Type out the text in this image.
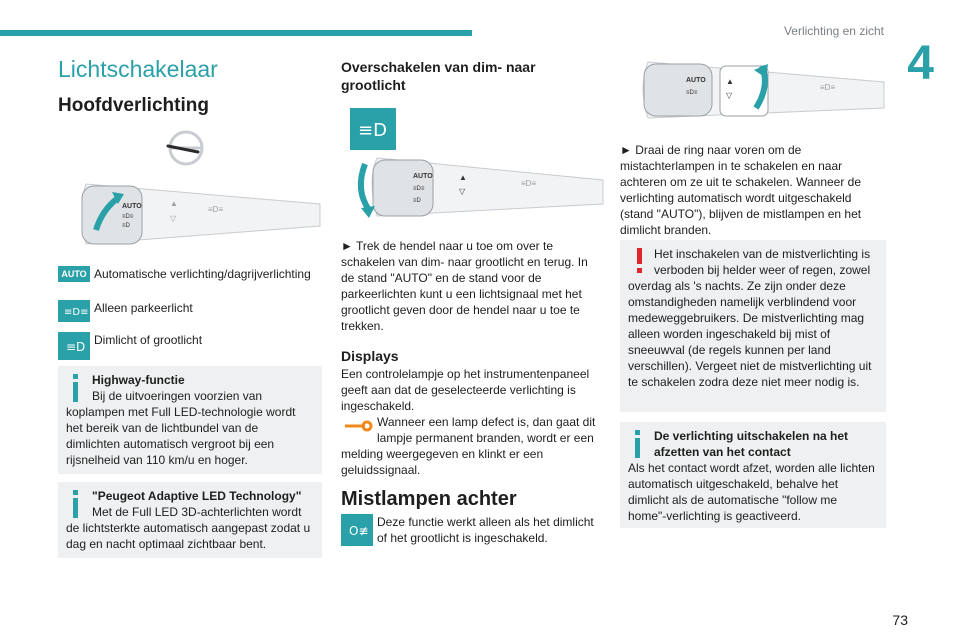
Verlichting en zicht
4
Lichtschakelaar
Hoofdverlichting
AUTO
≡D≡
≡D
▲
▽
≡D≡
AUTO Automatische verlichting/dagrijverlichting
≡D≡ Alleen parkeerlicht
≡D Dimlicht of grootlicht
Highway-functie
Bij de uitvoeringen voorzien van koplampen met Full LED-technologie wordt het bereik van de lichtbundel van de dimlichten automatisch vergroot bij een rijsnelheid van 110 km/u en hoger.
"Peugeot Adaptive LED Technology"
Met de Full LED 3D-achterlichten wordt de lichtsterkte automatisch aangepast zodat u dag en nacht optimaal zichtbaar bent.
Overschakelen van dim- naar grootlicht
≡D
AUTO
≡D≡
≡D
▲
▽
≡D≡
► Trek de hendel naar u toe om over te schakelen van dim- naar grootlicht en terug. In de stand "AUTO" en de stand voor de parkeerlichten kunt u een lichtsignaal met het grootlicht geven door de hendel naar u toe te trekken.
Displays
Een controlelampje op het instrumentenpaneel geeft aan dat de geselecteerde verlichting is ingeschakeld.
Wanneer een lamp defect is, dan gaat dit lampje permanent branden, wordt er een melding weergegeven en klinkt er een geluidssignaal.
Mistlampen achter
O≢
Deze functie werkt alleen als het dimlicht of het grootlicht is ingeschakeld.
AUTO
≡D≡
▲
▽
≡D≡
► Draai de ring naar voren om de mistachterlampen in te schakelen en naar achteren om ze uit te schakelen. Wanneer de verlichting automatisch wordt uitgeschakeld (stand "AUTO"), blijven de mistlampen en het dimlicht branden.
Het inschakelen van de mistverlichting is verboden bij helder weer of regen, zowel overdag als 's nachts. Ze zijn onder deze omstandigheden namelijk verblindend voor medeweggebruikers. De mistverlichting mag alleen worden ingeschakeld bij mist of sneeuwval (de regels kunnen per land verschillen). Vergeet niet de mistverlichting uit te schakelen zodra deze niet meer nodig is.
De verlichting uitschakelen na het afzetten van het contact
Als het contact wordt afzet, worden alle lichten automatisch uitgeschakeld, behalve het dimlicht als de automatische "follow me home"-verlichting is geactiveerd.
73
